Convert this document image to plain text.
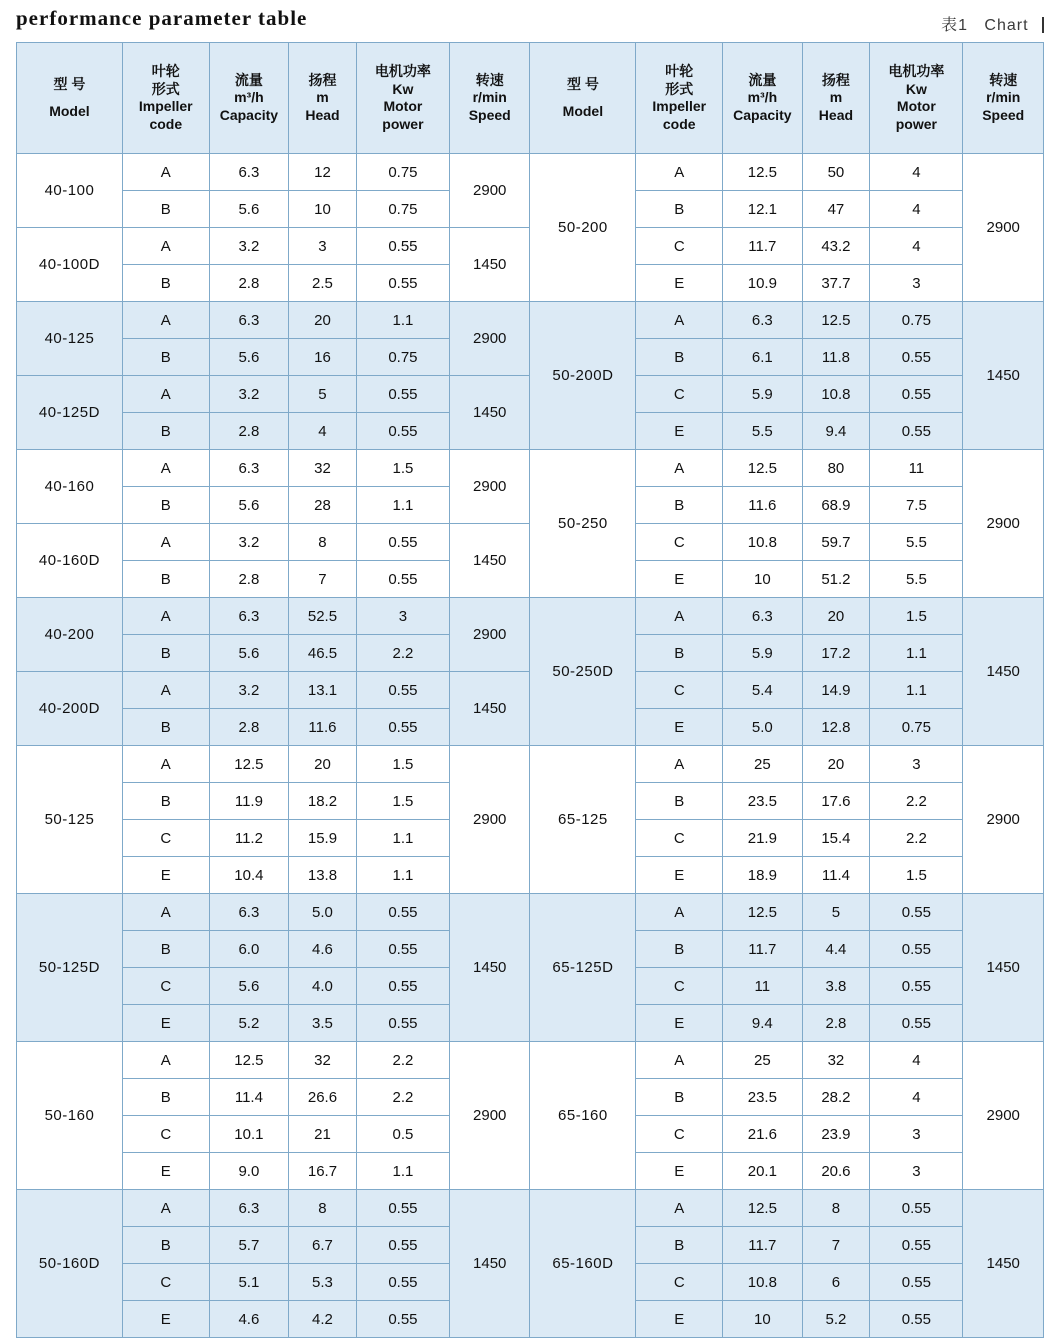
performance parameter table	表1 Chart
型 号
Model	叶轮
形式
Impeller
code	流量
m³/h
Capacity	扬程
m
Head	电机功率
Kw
Motor
power	转速
r/min
Speed	型 号
Model	叶轮
形式
Impeller
code	流量
m³/h
Capacity	扬程
m
Head	电机功率
Kw
Motor
power	转速
r/min
Speed

40-100	A	6.3	12	0.75	2900	50-200	A	12.5	50	4	2900
	B	5.6	10	0.75			B	12.1	47	4	
40-100D	A	3.2	3	0.55	1450		C	11.7	43.2	4	
	B	2.8	2.5	0.55			E	10.9	37.7	3	
40-125	A	6.3	20	1.1	2900	50-200D	A	6.3	12.5	0.75	1450
	B	5.6	16	0.75			B	6.1	11.8	0.55	
40-125D	A	3.2	5	0.55	1450		C	5.9	10.8	0.55	
	B	2.8	4	0.55			E	5.5	9.4	0.55	
40-160	A	6.3	32	1.5	2900	50-250	A	12.5	80	11	2900
	B	5.6	28	1.1			B	11.6	68.9	7.5	
40-160D	A	3.2	8	0.55	1450		C	10.8	59.7	5.5	
	B	2.8	7	0.55			E	10	51.2	5.5	
40-200	A	6.3	52.5	3	2900	50-250D	A	6.3	20	1.5	1450
	B	5.6	46.5	2.2			B	5.9	17.2	1.1	
40-200D	A	3.2	13.1	0.55	1450		C	5.4	14.9	1.1	
	B	2.8	11.6	0.55			E	5.0	12.8	0.75	
50-125	A	12.5	20	1.5	2900	65-125	A	25	20	3	2900
	B	11.9	18.2	1.5			B	23.5	17.6	2.2	
	C	11.2	15.9	1.1			C	21.9	15.4	2.2	
	E	10.4	13.8	1.1			E	18.9	11.4	1.5	
50-125D	A	6.3	5.0	0.55	1450	65-125D	A	12.5	5	0.55	1450
	B	6.0	4.6	0.55			B	11.7	4.4	0.55	
	C	5.6	4.0	0.55			C	11	3.8	0.55	
	E	5.2	3.5	0.55			E	9.4	2.8	0.55	
50-160	A	12.5	32	2.2	2900	65-160	A	25	32	4	2900
	B	11.4	26.6	2.2			B	23.5	28.2	4	
	C	10.1	21	0.5			C	21.6	23.9	3	
	E	9.0	16.7	1.1			E	20.1	20.6	3	
50-160D	A	6.3	8	0.55	1450	65-160D	A	12.5	8	0.55	1450
	B	5.7	6.7	0.55			B	11.7	7	0.55	
	C	5.1	5.3	0.55			C	10.8	6	0.55	
	E	4.6	4.2	0.55			E	10	5.2	0.55	
